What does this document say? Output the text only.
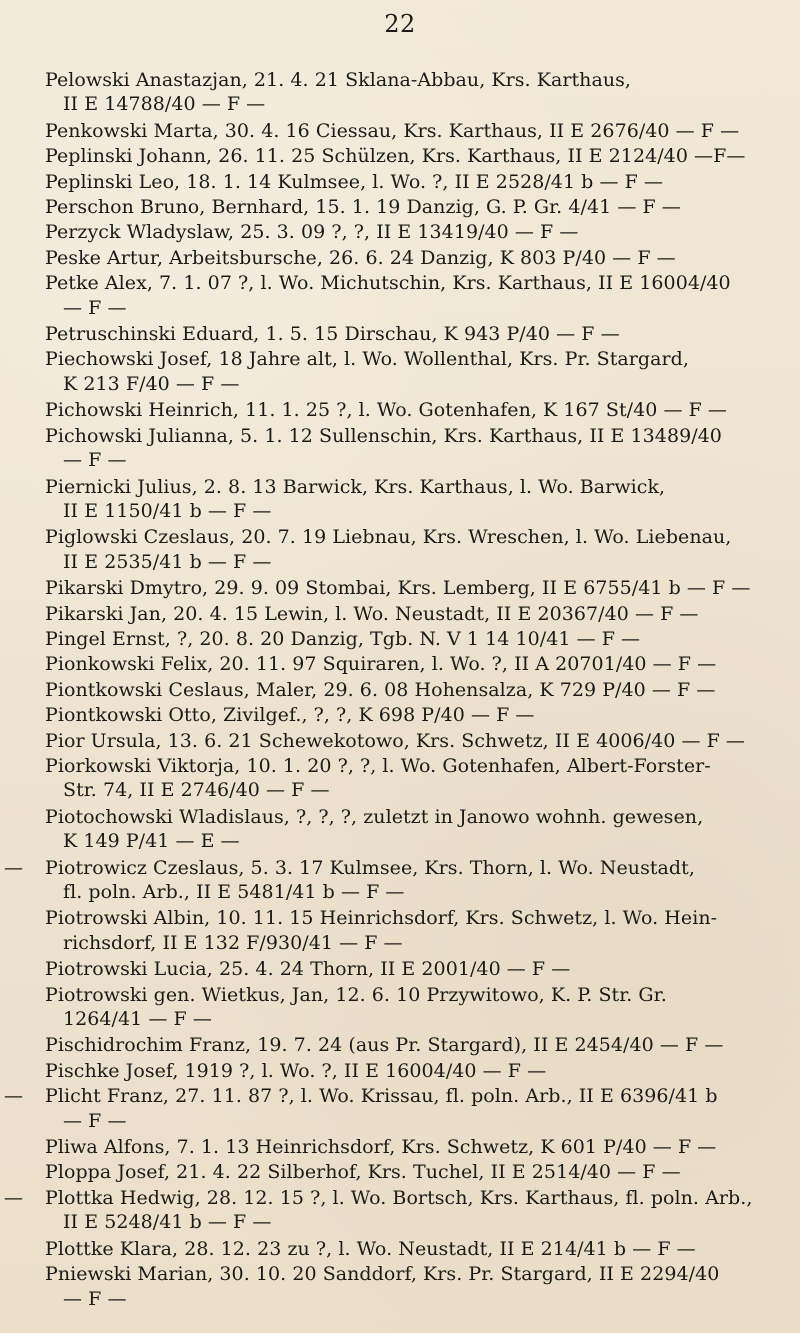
22
Pelowski Anastazjan, 21. 4. 21 Sklana-Abbau, Krs. Karthaus,
II E 14788/40 — F —
Penkowski Marta, 30. 4. 16 Ciessau, Krs. Karthaus, II E 2676/40 — F —
Peplinski Johann, 26. 11. 25 Schülzen, Krs. Karthaus, II E 2124/40 —F—
Peplinski Leo, 18. 1. 14 Kulmsee, l. Wo. ?, II E 2528/41 b — F —
Perschon Bruno, Bernhard, 15. 1. 19 Danzig, G. P. Gr. 4/41 — F —
Perzyck Wladyslaw, 25. 3. 09 ?, ?, II E 13419/40 — F —
Peske Artur, Arbeitsbursche, 26. 6. 24 Danzig, K 803 P/40 — F —
Petke Alex, 7. 1. 07 ?, l. Wo. Michutschin, Krs. Karthaus, II E 16004/40
— F —
Petruschinski Eduard, 1. 5. 15 Dirschau, K 943 P/40 — F —
Piechowski Josef, 18 Jahre alt, l. Wo. Wollenthal, Krs. Pr. Stargard,
K 213 F/40 — F —
Pichowski Heinrich, 11. 1. 25 ?, l. Wo. Gotenhafen, K 167 St/40 — F —
Pichowski Julianna, 5. 1. 12 Sullenschin, Krs. Karthaus, II E 13489/40
— F —
Piernicki Julius, 2. 8. 13 Barwick, Krs. Karthaus, l. Wo. Barwick,
II E 1150/41 b — F —
Piglowski Czeslaus, 20. 7. 19 Liebnau, Krs. Wreschen, l. Wo. Liebenau,
II E 2535/41 b — F —
Pikarski Dmytro, 29. 9. 09 Stombai, Krs. Lemberg, II E 6755/41 b — F —
Pikarski Jan, 20. 4. 15 Lewin, l. Wo. Neustadt, II E 20367/40 — F —
Pingel Ernst, ?, 20. 8. 20 Danzig, Tgb. N. V 1 14 10/41 — F —
Pionkowski Felix, 20. 11. 97 Squiraren, l. Wo. ?, II A 20701/40 — F —
Piontkowski Ceslaus, Maler, 29. 6. 08 Hohensalza, K 729 P/40 — F —
Piontkowski Otto, Zivilgef., ?, ?, K 698 P/40 — F —
Pior Ursula, 13. 6. 21 Schewekotowo, Krs. Schwetz, II E 4006/40 — F —
Piorkowski Viktorja, 10. 1. 20 ?, ?, l. Wo. Gotenhafen, Albert-Forster-
Str. 74, II E 2746/40 — F —
Piotochowski Wladislaus, ?, ?, ?, zuletzt in Janowo wohnh. gewesen,
K 149 P/41 — E —
— Piotrowicz Czeslaus, 5. 3. 17 Kulmsee, Krs. Thorn, l. Wo. Neustadt,
fl. poln. Arb., II E 5481/41 b — F —
Piotrowski Albin, 10. 11. 15 Heinrichsdorf, Krs. Schwetz, l. Wo. Hein-
richsdorf, II E 132 F/930/41 — F —
Piotrowski Lucia, 25. 4. 24 Thorn, II E 2001/40 — F —
Piotrowski gen. Wietkus, Jan, 12. 6. 10 Przywitowo, K. P. Str. Gr.
1264/41 — F —
Pischidrochim Franz, 19. 7. 24 (aus Pr. Stargard), II E 2454/40 — F —
Pischke Josef, 1919 ?, l. Wo. ?, II E 16004/40 — F —
— Plicht Franz, 27. 11. 87 ?, l. Wo. Krissau, fl. poln. Arb., II E 6396/41 b
— F —
Pliwa Alfons, 7. 1. 13 Heinrichsdorf, Krs. Schwetz, K 601 P/40 — F —
Ploppa Josef, 21. 4. 22 Silberhof, Krs. Tuchel, II E 2514/40 — F —
— Plottka Hedwig, 28. 12. 15 ?, l. Wo. Bortsch, Krs. Karthaus, fl. poln. Arb.,
II E 5248/41 b — F —
Plottke Klara, 28. 12. 23 zu ?, l. Wo. Neustadt, II E 214/41 b — F —
Pniewski Marian, 30. 10. 20 Sanddorf, Krs. Pr. Stargard, II E 2294/40
— F —
